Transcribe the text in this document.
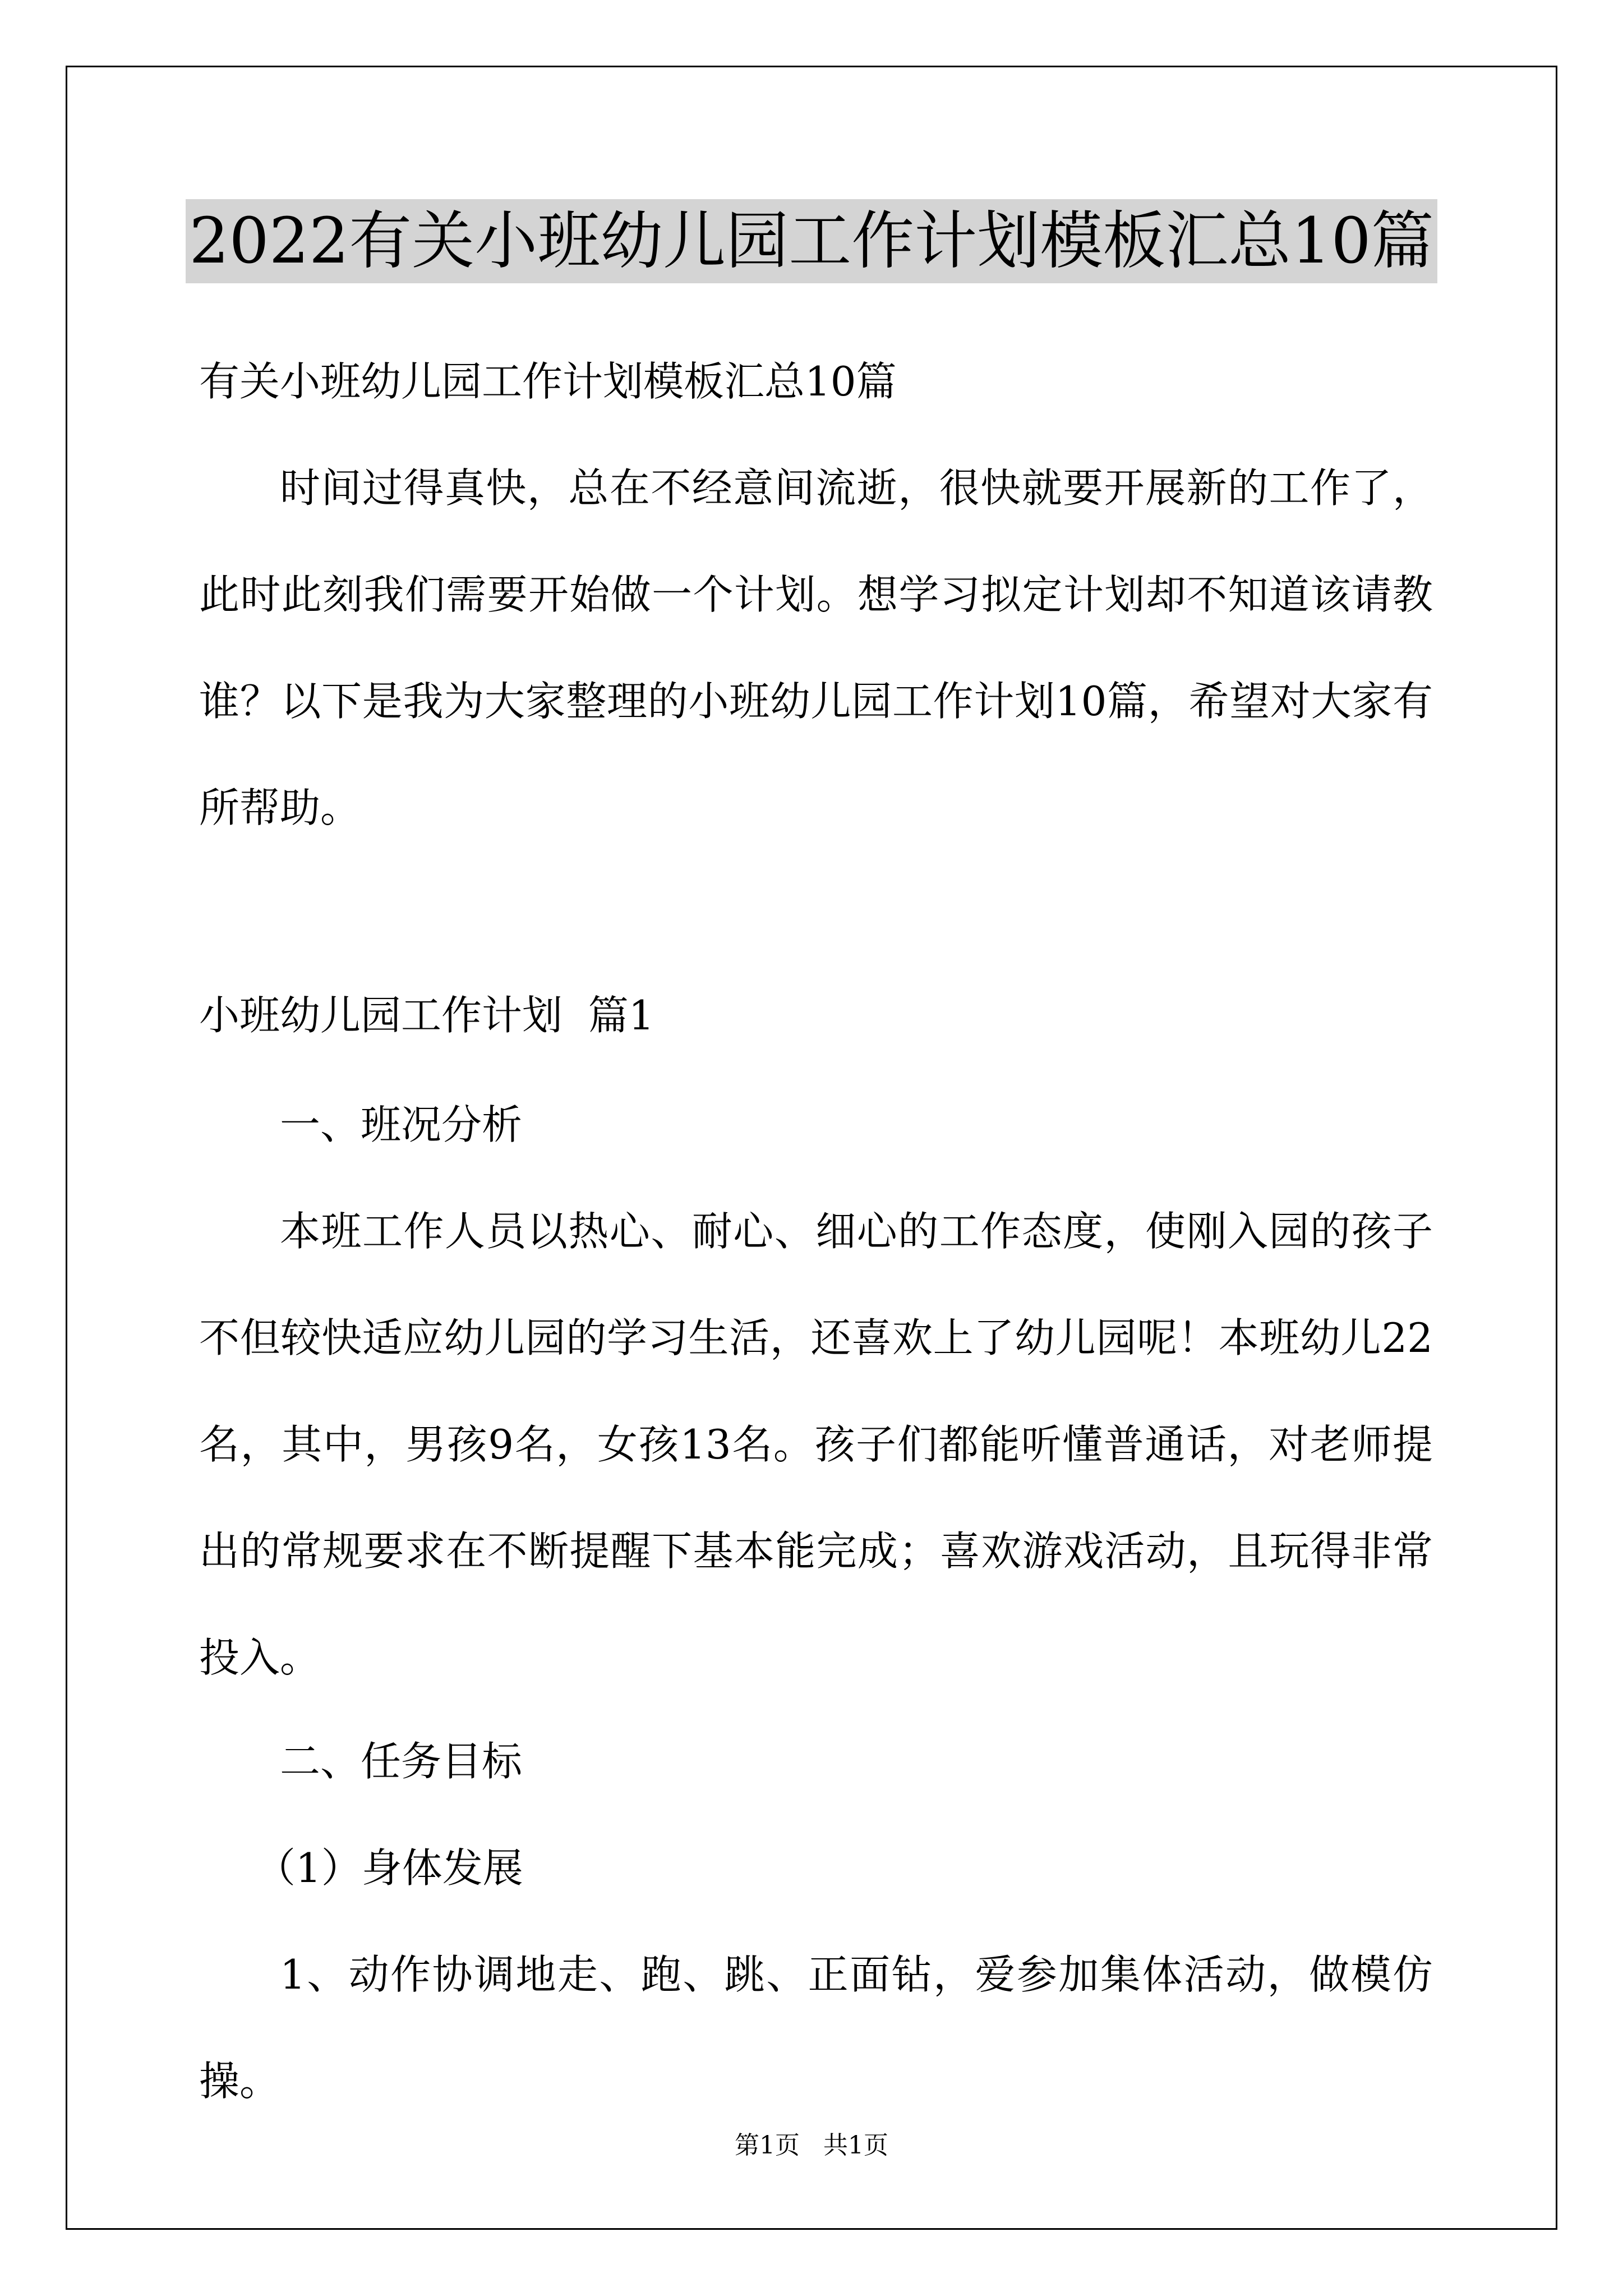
2022有关小班幼儿园工作计划模板汇总10篇

有关小班幼儿园工作计划模板汇总10篇

时间过得真快，总在不经意间流逝，很快就要开展新的工作了，此时此刻我们需要开始做一个计划。想学习拟定计划却不知道该请教谁？以下是我为大家整理的小班幼儿园工作计划10篇，希望对大家有所帮助。

小班幼儿园工作计划  篇1

一、班况分析

本班工作人员以热心、耐心、细心的工作态度，使刚入园的孩子不但较快适应幼儿园的学习生活，还喜欢上了幼儿园呢！本班幼儿22名，其中，男孩9名，女孩13名。孩子们都能听懂普通话，对老师提出的常规要求在不断提醒下基本能完成；喜欢游戏活动，且玩得非常投入。

二、任务目标

（1）身体发展

1、动作协调地走、跑、跳、正面钻，爱参加集体活动，做模仿操。

第1页   共1页
